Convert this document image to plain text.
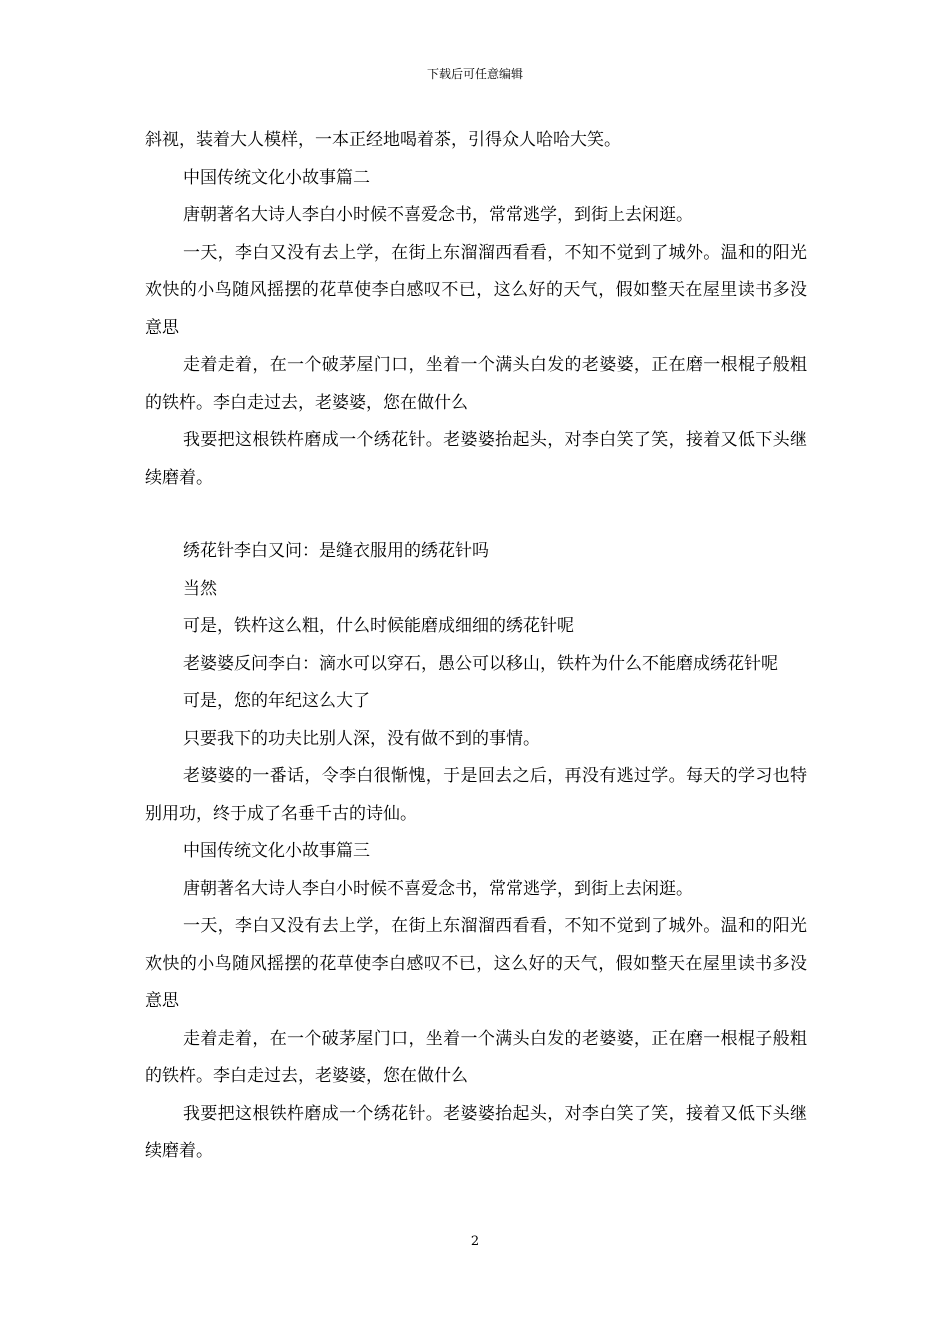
下载后可任意编辑

斜视，装着大人模样，一本正经地喝着茶，引得众人哈哈大笑。

中国传统文化小故事篇二

唐朝著名大诗人李白小时候不喜爱念书，常常逃学，到街上去闲逛。

一天，李白又没有去上学，在街上东溜溜西看看，不知不觉到了城外。温和的阳光欢快的小鸟随风摇摆的花草使李白感叹不已，这么好的天气，假如整天在屋里读书多没意思

走着走着，在一个破茅屋门口，坐着一个满头白发的老婆婆，正在磨一根棍子般粗的铁杵。李白走过去，老婆婆，您在做什么

我要把这根铁杵磨成一个绣花针。老婆婆抬起头，对李白笑了笑，接着又低下头继续磨着。

绣花针李白又问：是缝衣服用的绣花针吗

当然

可是，铁杵这么粗，什么时候能磨成细细的绣花针呢

老婆婆反问李白：滴水可以穿石，愚公可以移山，铁杵为什么不能磨成绣花针呢

可是，您的年纪这么大了

只要我下的功夫比别人深，没有做不到的事情。

老婆婆的一番话，令李白很惭愧，于是回去之后，再没有逃过学。每天的学习也特别用功，终于成了名垂千古的诗仙。

中国传统文化小故事篇三

唐朝著名大诗人李白小时候不喜爱念书，常常逃学，到街上去闲逛。

一天，李白又没有去上学，在街上东溜溜西看看，不知不觉到了城外。温和的阳光欢快的小鸟随风摇摆的花草使李白感叹不已，这么好的天气，假如整天在屋里读书多没意思

走着走着，在一个破茅屋门口，坐着一个满头白发的老婆婆，正在磨一根棍子般粗的铁杵。李白走过去，老婆婆，您在做什么

我要把这根铁杵磨成一个绣花针。老婆婆抬起头，对李白笑了笑，接着又低下头继续磨着。

2
